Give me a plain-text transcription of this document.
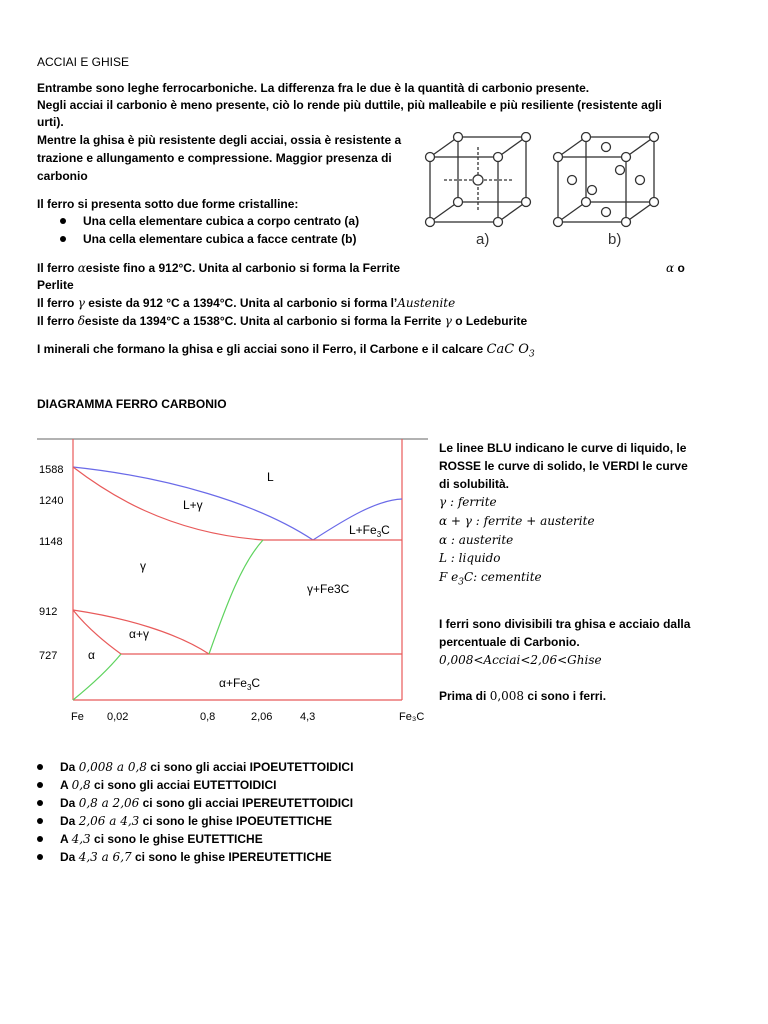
ACCIAI E GHISE
Entrambe sono leghe ferrocarboniche. La differenza fra le due è la quantità di carbonio presente.
Negli acciai il carbonio è meno presente, ciò lo rende più duttile, più malleabile e più resiliente (resistente agli
urti).
Mentre la ghisa è più resistente degli acciai, ossia è resistente a
trazione e allungamento e compressione. Maggior presenza di
carbonio
Il ferro si presenta sotto due forme cristalline:
Una cella elementare cubica a corpo centrato (a)
Una cella elementare cubica a facce centrate (b)	a)	b)
Il ferro αesiste fino a 912°C. Unita al carbonio si forma la Ferrite	α o
Perlite
Il ferro γ esiste da 912 °C a 1394°C. Unita al carbonio si forma l’Austenite
Il ferro δesiste da 1394°C a 1538°C. Unita al carbonio si forma la Ferrite γ o Ledeburite
I minerali che formano la ghisa e gli acciai sono il Ferro, il Carbone e il calcare CaC $O_3$
DIAGRAMMA FERRO CARBONIO
1588
1240
1148
912
727
Fe 0,02	0,8	2,06	4,3	Fe₃C
L
L+γ
$L+Fe_3C$
γ
γ+Fe3C
α+γ
α
$\alpha+Fe_3C$
Le linee BLU indicano le curve di liquido, le
ROSSE le curve di solido, le VERDI le curve
di solubilità.
γ : ferrite
α + γ : ferrite + austerite
α : austerite
L : liquido
F $e_3C$: cementite
I ferri sono divisibili tra ghisa e acciaio dalla
percentuale di Carbonio.
0,008<Acciai<2,06<Ghise
Prima di 0,008 ci sono i ferri.
Da 0,008 a 0,8 ci sono gli acciai IPOEUTETTOIDICI
A 0,8 ci sono gli acciai EUTETTOIDICI
Da 0,8 a 2,06 ci sono gli acciai IPEREUTETTOIDICI
Da 2,06 a 4,3 ci sono le ghise IPOEUTETTICHE
A 4,3 ci sono le ghise EUTETTICHE
Da 4,3 a 6,7 ci sono le ghise IPEREUTETTICHE
